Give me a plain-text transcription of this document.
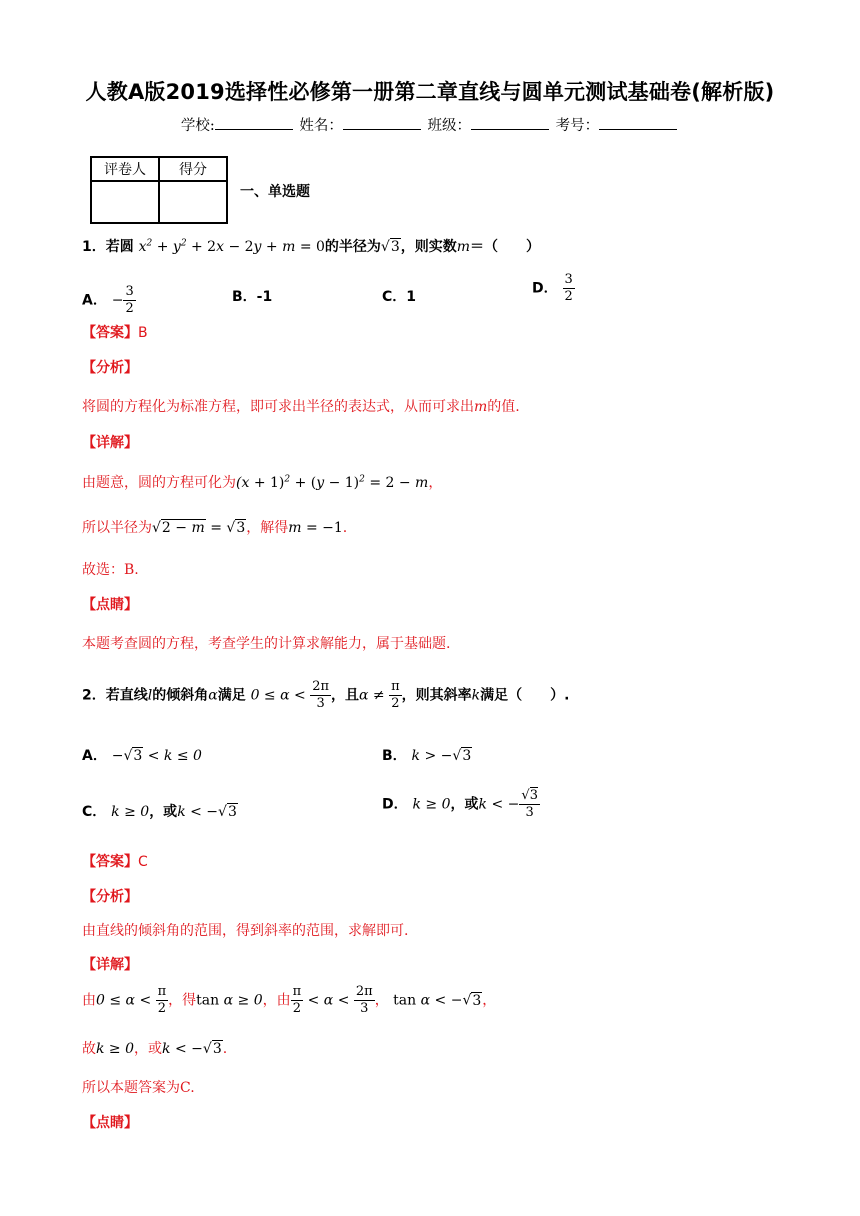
人教A版2019选择性必修第一册第二章直线与圆单元测试基础卷(解析版)
学校:	姓名：	班级：	考号：
评卷人	得分

一、单选题
1．若圆 $x^2 + y^2 + 2x - 2y + m = 0$的半径为√3，则实数m＝（　　）
A． − $\frac{3}{2}$	B．-1	C．1
D． $\frac{3}{2}$
【答案】B
【分析】
将圆的方程化为标准方程，即可求出半径的表达式，从而可求出m的值.
【详解】
由题意，圆的方程可化为$(x + 1)^2 + (y - 1)^2 = 2 - m$，
所以半径为√2 − m = √3，解得m = −1.
故选：B.
【点睛】
本题考查圆的方程，考查学生的计算求解能力，属于基础题.
2．若直线l的倾斜角α满足 $0 \le \alpha < \frac{2\pi}{3}$ ，且$\alpha \ne \frac{\pi}{2}$ ，则其斜率k满足（　　）.
A． −√3 < k ≤ 0	B． k > −√3
C． k ≥ 0，或k < −√3	D． k ≥ 0，或k < − $\frac{√3}{3}$
【答案】C
【分析】
由直线的倾斜角的范围，得到斜率的范围，求解即可.
【详解】
由$0 \le \alpha < \frac{\pi}{2}$ ，得tan α ≥ 0，由 $\frac{\pi}{2} < \alpha < \frac{2\pi}{3}$ ， tan α < −√3，
故k ≥ 0，或k < −√3.
所以本题答案为C.
【点睛】
